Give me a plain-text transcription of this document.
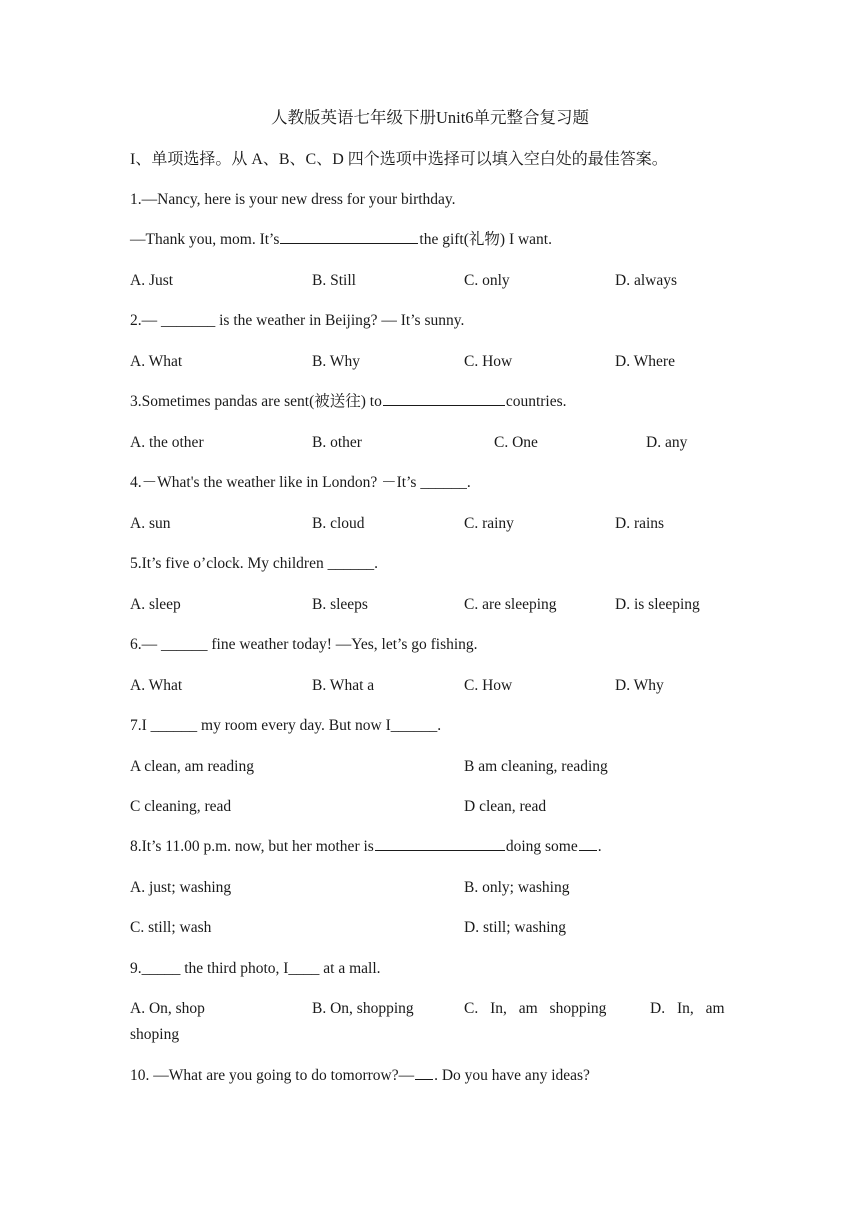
人教版英语七年级下册Unit6单元整合复习题
I、单项选择。从 A、B、C、D 四个选项中选择可以填入空白处的最佳答案。
1.—Nancy, here is your new dress for your birthday.
—Thank you, mom. It’s	the gift(礼物) I want.
A. Just	B. Still	C. only	D. always
2.— _______ is the weather in Beijing? — It’s sunny.
A. What	B. Why	C. How	D. Where
3.Sometimes pandas are sent(被送往) to	countries.
A. the other	B. other	C. One	D. any
4.－What's the weather like in London? －It’s ______.
A. sun	B. cloud	C. rainy	D. rains
5.It’s five o’clock. My children ______.
A. sleep	B. sleeps	C. are sleeping	D. is sleeping
6.— ______ fine weather today! —Yes, let’s go fishing.
A. What	B. What a	C. How	D. Why
7.I ______ my room every day. But now I______.
A clean, am reading	B am cleaning, reading
C cleaning, read	D clean, read
8.It’s 11.00 p.m. now, but her mother is	doing some .
A. just; washing	B. only; washing
C. still; wash	D. still; washing
9._____ the third photo, I____ at a mall.
A. On, shop	B. On, shopping	C. In, am shopping	D. In, am
shoping
10. —What are you going to do tomorrow?— . Do you have any ideas?
